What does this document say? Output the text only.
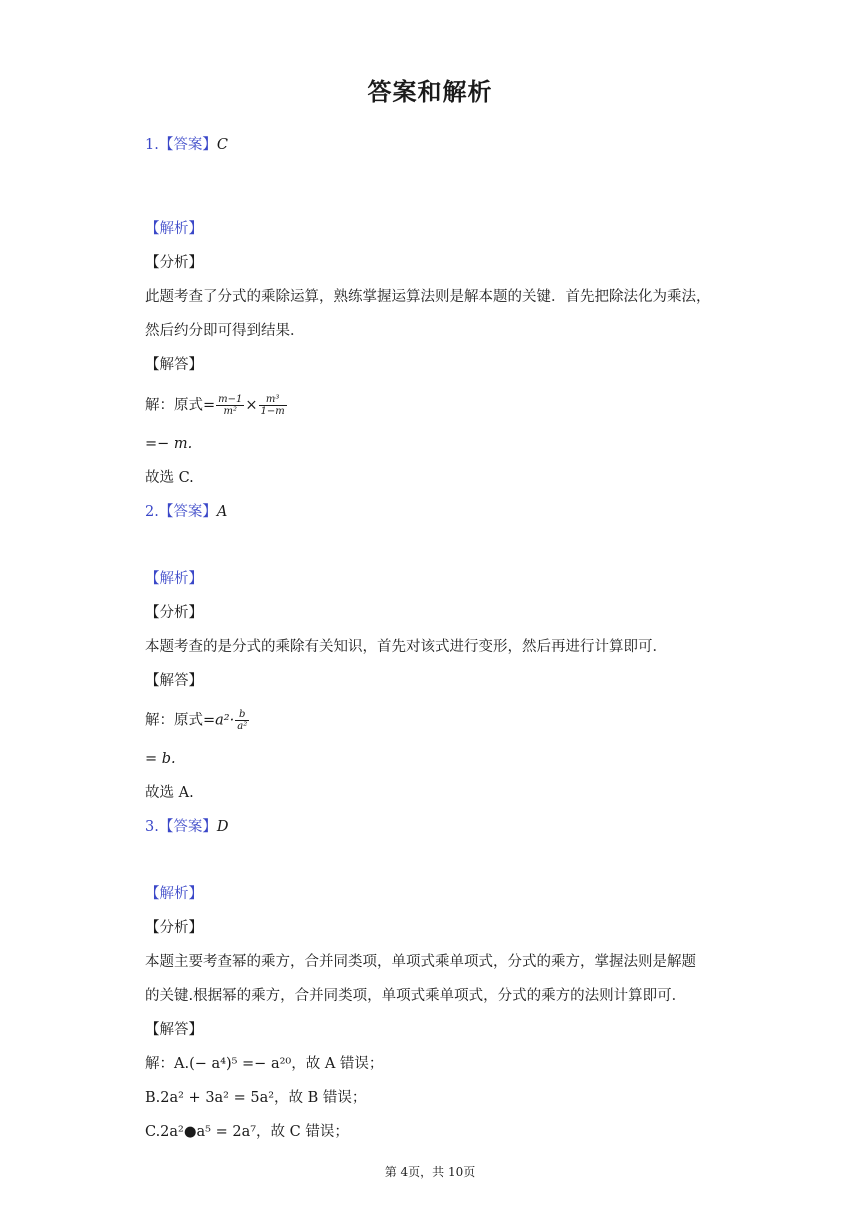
答案和解析
1.【答案】C
【解析】
【分析】
此题考查了分式的乘除运算，熟练掌握运算法则是解本题的关键．首先把除法化为乘法，
然后约分即可得到结果．
【解答】
解：原式= $\frac{m-1}{\text{m²}} \times \frac{\text{m³}}{1-m}$
=− m.
故选 C.
2.【答案】A
【解析】
【分析】
本题考查的是分式的乘除有关知识，首先对该式进行变形，然后再进行计算即可．
【解答】
解：原式$=a^2\cdot \frac{b}{\text{a²}}$
= b.
故选 A.
3.【答案】D
【解析】
【分析】
本题主要考查幂的乘方，合并同类项，单项式乘单项式，分式的乘方，掌握法则是解题
的关键.根据幂的乘方，合并同类项，单项式乘单项式，分式的乘方的法则计算即可．
【解答】
解：A.(− a⁴)⁵ =− a²⁰，故 A 错误；
B.2a² + 3a² = 5a²，故 B 错误；
C.2a²●a⁵ = 2a⁷，故 C 错误；
第 4页，共 10页
